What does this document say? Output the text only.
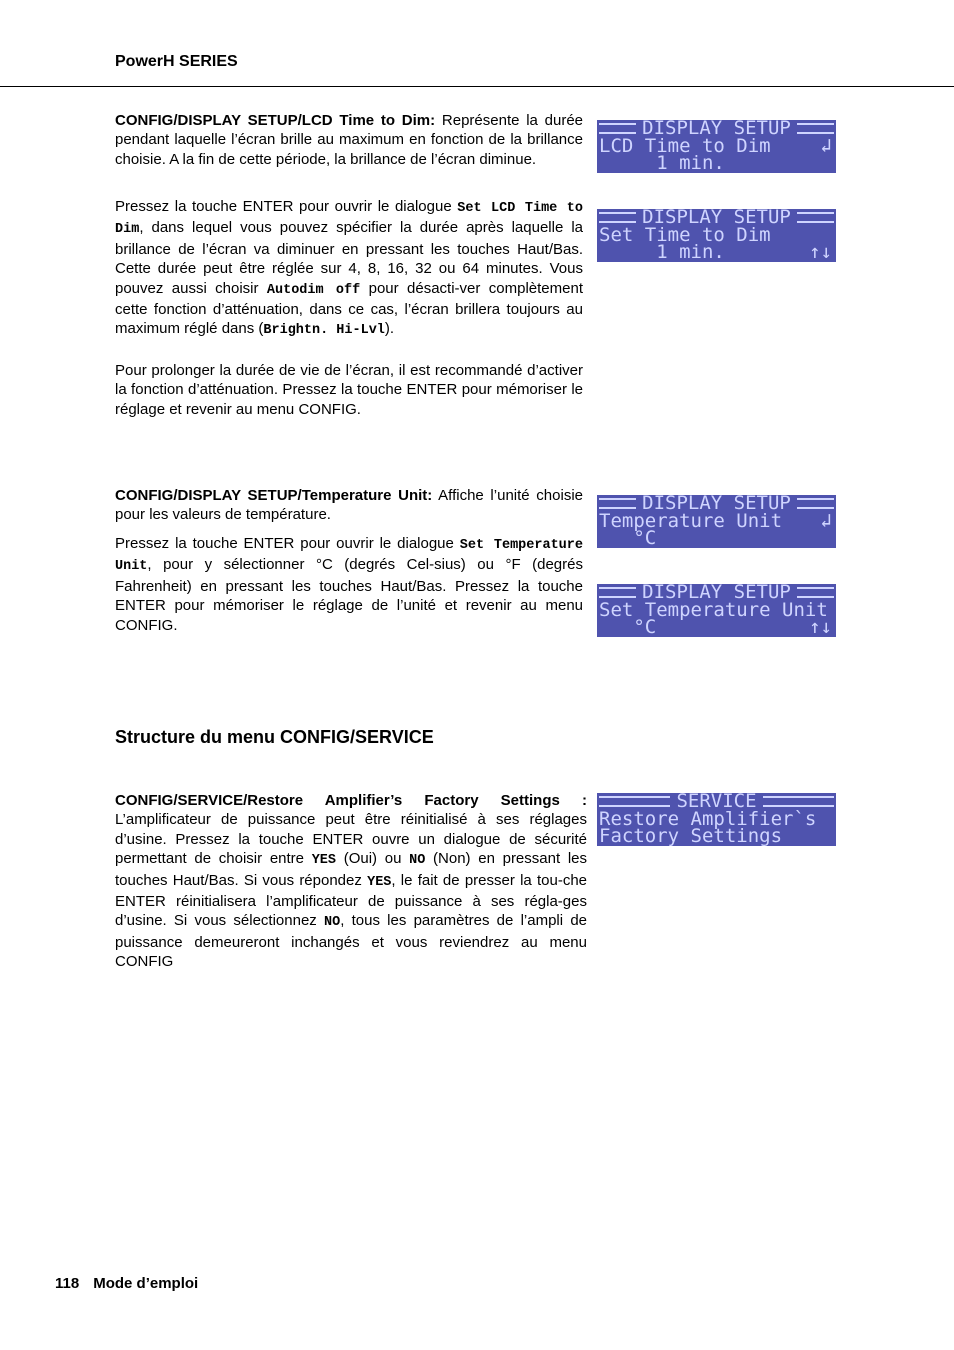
PowerH SERIES

CONFIG/DISPLAY SETUP/LCD Time to Dim: Représente la durée pendant laquelle l’écran brille au maximum en fonction de la brillance choisie. A la fin de cette période, la brillance de l’écran diminue.

Pressez la touche ENTER pour ouvrir le dialogue Set LCD Time to Dim, dans lequel vous pouvez spécifier la durée après laquelle la brillance de l’écran va diminuer en pressant les touches Haut/Bas. Cette durée peut être réglée sur 4, 8, 16, 32 ou 64 minutes. Vous pouvez aussi choisir Autodim off pour désacti-ver complètement cette fonction d’atténuation, dans ce cas, l’écran brillera toujours au maximum réglé dans (Brightn. Hi-Lvl).

Pour prolonger la durée de vie de l’écran, il est recommandé d’activer la fonction d’atténuation. Pressez la touche ENTER pour mémoriser le réglage et revenir au menu CONFIG.

CONFIG/DISPLAY SETUP/Temperature Unit: Affiche l’unité choisie pour les valeurs de température.

Pressez la touche ENTER pour ouvrir le dialogue Set Temperature Unit, pour y sélectionner °C (degrés Cel-sius) ou °F (degrés Fahrenheit) en pressant les touches Haut/Bas. Pressez la touche ENTER pour mémoriser le réglage de l’unité et revenir au menu CONFIG.

Structure du menu CONFIG/SERVICE

CONFIG/SERVICE/Restore Amplifier’s Factory Settings : L’amplificateur de puissance peut être réinitialisé à ses réglages d’usine. Pressez la touche ENTER ouvre un dialogue de sécurité permettant de choisir entre YES (Oui) ou NO (Non) en pressant les touches Haut/Bas. Si vous répondez YES, le fait de presser la tou-che ENTER réinitialisera l’amplificateur de puissance à ses régla-ges d’usine. Si vous sélectionnez NO, tous les paramètres de l’ampli de puissance demeureront inchangés et vous reviendrez au menu CONFIG

DISPLAY SETUP
LCD Time to Dim	↲
1 min.
DISPLAY SETUP
Set Time to Dim
1 min.	↑↓
DISPLAY SETUP
Temperature Unit ↲
°C
DISPLAY SETUP
Set Temperature Unit
°C	↑↓
SERVICE
Restore Amplifier`s
Factory Settings
118 Mode d’emploi
